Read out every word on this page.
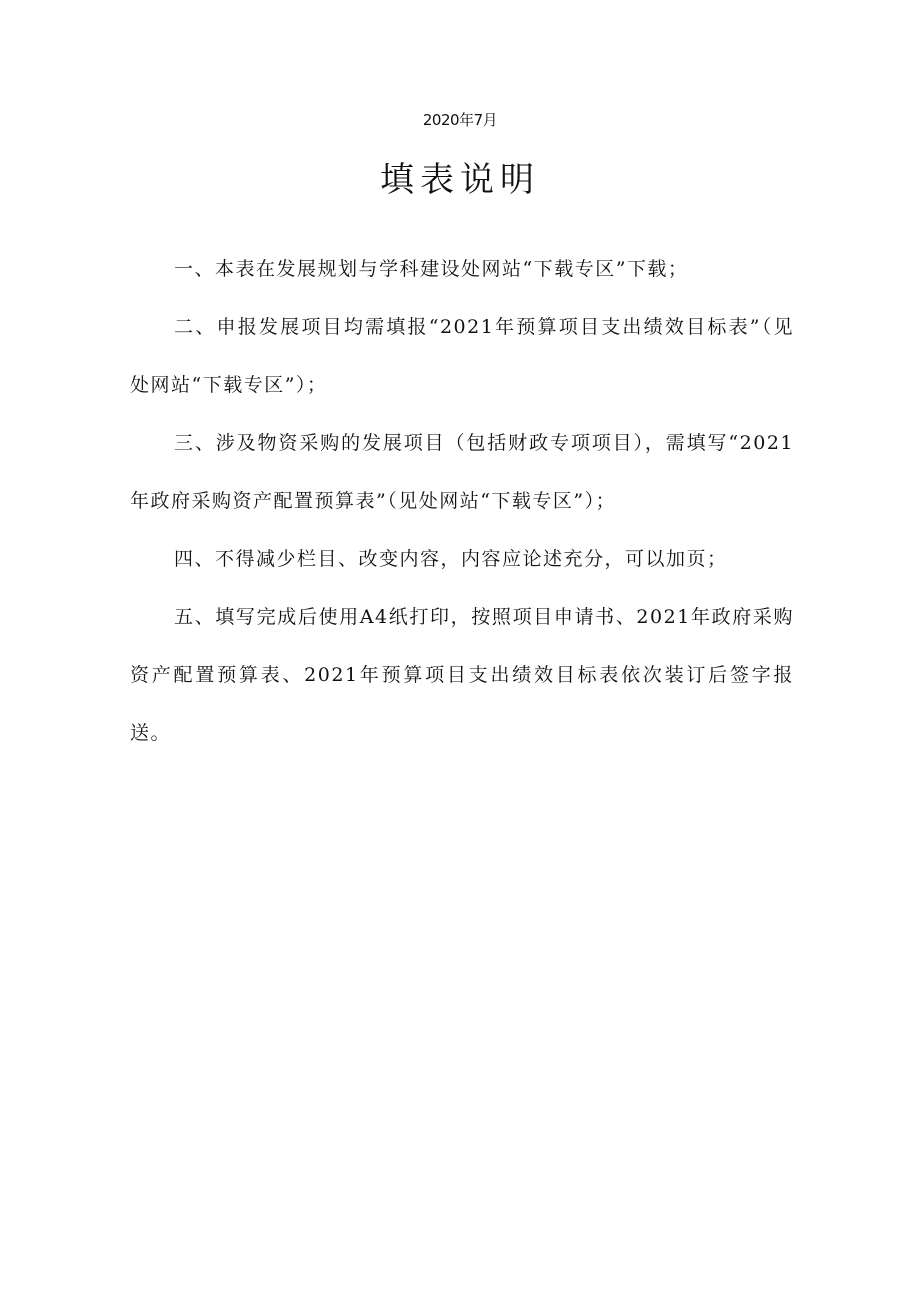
2020年7月
填表说明

一、本表在发展规划与学科建设处网站“下载专区”下载；

二、申报发展项目均需填报“2021年预算项目支出绩效目标表”（见处网站“下载专区”）；

三、涉及物资采购的发展项目（包括财政专项项目），需填写“2021年政府采购资产配置预算表”（见处网站“下载专区”）；

四、不得减少栏目、改变内容，内容应论述充分，可以加页；

五、填写完成后使用A4纸打印，按照项目申请书、2021年政府采购资产配置预算表、2021年预算项目支出绩效目标表依次装订后签字报送。
